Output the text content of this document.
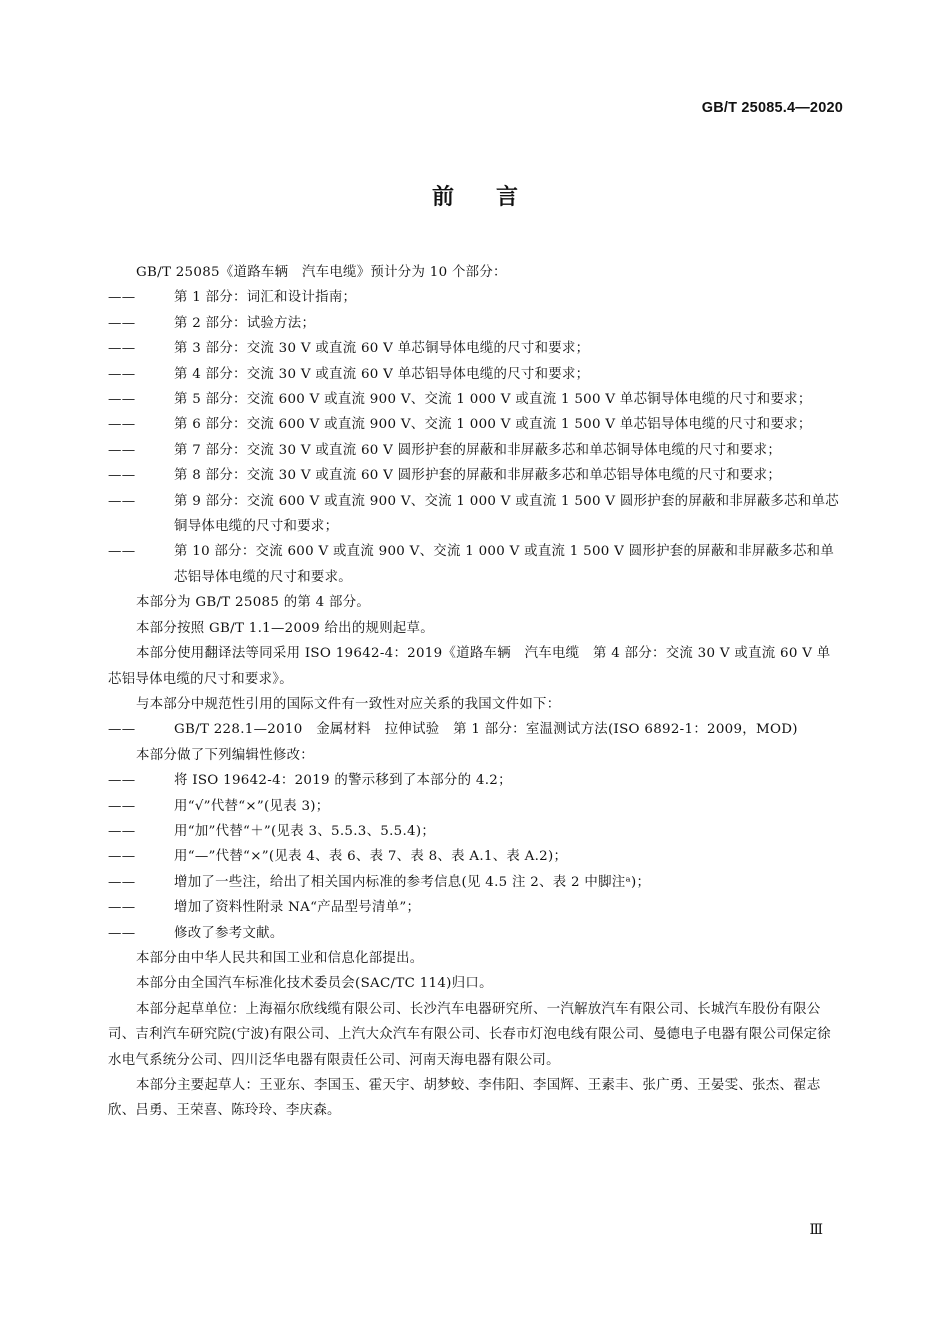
GB/T 25085.4—2020
前言

GB/T 25085《道路车辆　汽车电缆》预计分为 10 个部分：

——	第 1 部分：词汇和设计指南；
——	第 2 部分：试验方法；
——	第 3 部分：交流 30 V 或直流 60 V 单芯铜导体电缆的尺寸和要求；
——	第 4 部分：交流 30 V 或直流 60 V 单芯铝导体电缆的尺寸和要求；
——	第 5 部分：交流 600 V 或直流 900 V、交流 1 000 V 或直流 1 500 V 单芯铜导体电缆的尺寸和要求；
——	第 6 部分：交流 600 V 或直流 900 V、交流 1 000 V 或直流 1 500 V 单芯铝导体电缆的尺寸和要求；
——	第 7 部分：交流 30 V 或直流 60 V 圆形护套的屏蔽和非屏蔽多芯和单芯铜导体电缆的尺寸和要求；
——	第 8 部分：交流 30 V 或直流 60 V 圆形护套的屏蔽和非屏蔽多芯和单芯铝导体电缆的尺寸和要求；
——	第 9 部分：交流 600 V 或直流 900 V、交流 1 000 V 或直流 1 500 V 圆形护套的屏蔽和非屏蔽多芯和单芯铜导体电缆的尺寸和要求；
——	第 10 部分：交流 600 V 或直流 900 V、交流 1 000 V 或直流 1 500 V 圆形护套的屏蔽和非屏蔽多芯和单芯铝导体电缆的尺寸和要求。

本部分为 GB/T 25085 的第 4 部分。

本部分按照 GB/T 1.1—2009 给出的规则起草。

本部分使用翻译法等同采用 ISO 19642-4：2019《道路车辆　汽车电缆　第 4 部分：交流 30 V 或直流 60 V 单芯铝导体电缆的尺寸和要求》。

与本部分中规范性引用的国际文件有一致性对应关系的我国文件如下：

——	GB/T 228.1—2010　金属材料　拉伸试验　第 1 部分：室温测试方法(ISO 6892-1：2009，MOD)

本部分做了下列编辑性修改：

——	将 ISO 19642-4：2019 的警示移到了本部分的 4.2；
——	用“√”代替“×”(见表 3)；
——	用“加”代替“＋”(见表 3、5.5.3、5.5.4)；
——	用“—”代替“×”(见表 4、表 6、表 7、表 8、表 A.1、表 A.2)；
——	增加了一些注，给出了相关国内标准的参考信息(见 4.5 注 2、表 2 中脚注ᵃ)；
——	增加了资料性附录 NA“产品型号清单”；
——	修改了参考文献。

本部分由中华人民共和国工业和信息化部提出。

本部分由全国汽车标准化技术委员会(SAC/TC 114)归口。

本部分起草单位：上海福尔欣线缆有限公司、长沙汽车电器研究所、一汽解放汽车有限公司、长城汽车股份有限公司、吉利汽车研究院(宁波)有限公司、上汽大众汽车有限公司、长春市灯泡电线有限公司、曼德电子电器有限公司保定徐水电气系统分公司、四川泛华电器有限责任公司、河南天海电器有限公司。

本部分主要起草人：王亚东、李国玉、霍天宇、胡梦蛟、李伟阳、李国辉、王素丰、张广勇、王晏雯、张杰、翟志欣、吕勇、王荣喜、陈玲玲、李庆森。

Ⅲ
